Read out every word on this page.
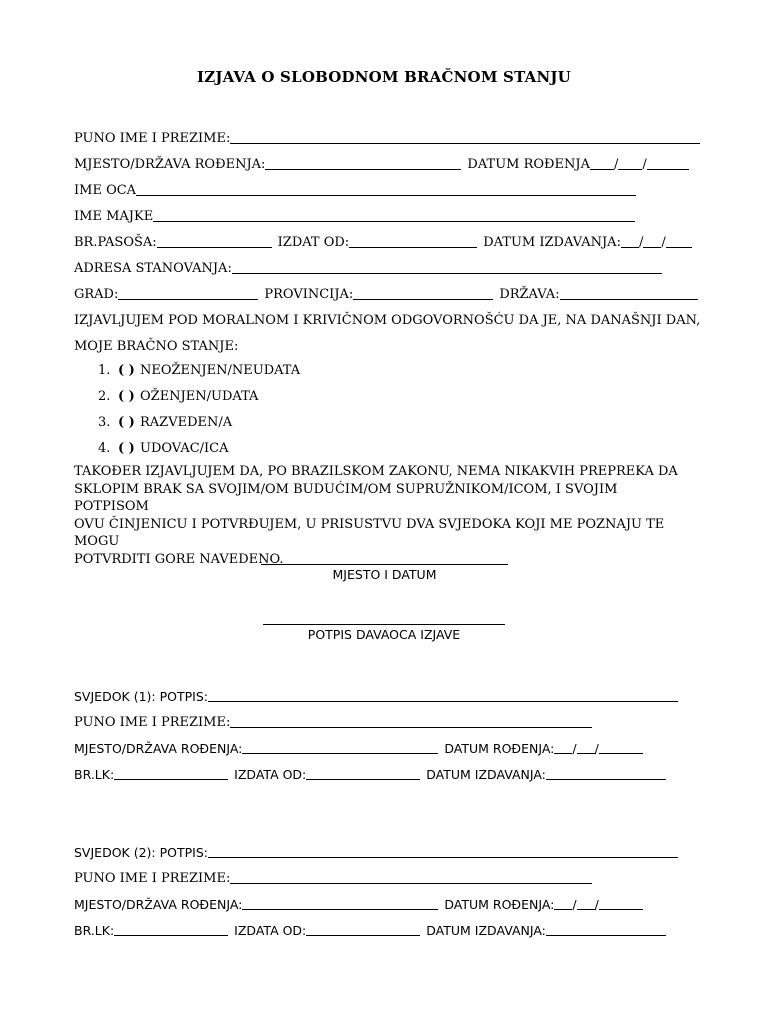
IZJAVA O SLOBODNOM BRAČNOM STANJU
PUNO IME I PREZIME:
MJESTO/DRŽAVA ROĐENJA:	DATUM ROĐENJA / /
IME OCA
IME MAJKE
BR.PASOŠA:	IZDAT OD:	DATUM IZDAVANJA: / /
ADRESA STANOVANJA:
GRAD:	PROVINCIJA:	DRŽAVA:
IZJAVLJUJEM POD MORALNOM I KRIVIČNOM ODGOVORNOŠĆU DA JE, NA DANAŠNJI DAN,
MOJE BRAČNO STANJE:
1. ( ) NEOŽENJEN/NEUDATA
2. ( ) OŽENJEN/UDATA
3. ( ) RAZVEDEN/A
4. ( ) UDOVAC/ICA
TAKOĐER IZJAVLJUJEM DA, PO BRAZILSKOM ZAKONU, NEMA NIKAKVIH PREPREKA DA
SKLOPIM BRAK SA SVOJIM/OM BUDUĆIM/OM SUPRUŽNIKOM/ICOM, I SVOJIM POTPISOM
OVU ČINJENICU I POTVRĐUJEM, U PRISUSTVU DVA SVJEDOKA KOJI ME POZNAJU TE MOGU
POTVRDITI GORE NAVEDENO.
MJESTO I DATUM
POTPIS DAVAOCA IZJAVE
SVJEDOK (1): POTPIS:
PUNO IME I PREZIME:
MJESTO/DRŽAVA ROĐENJA:	DATUM ROĐENJA: / /
BR.LK:	IZDATA OD:	DATUM IZDAVANJA:
SVJEDOK (2): POTPIS:
PUNO IME I PREZIME:
MJESTO/DRŽAVA ROĐENJA:	DATUM ROĐENJA: / /
BR.LK:	IZDATA OD:	DATUM IZDAVANJA:
